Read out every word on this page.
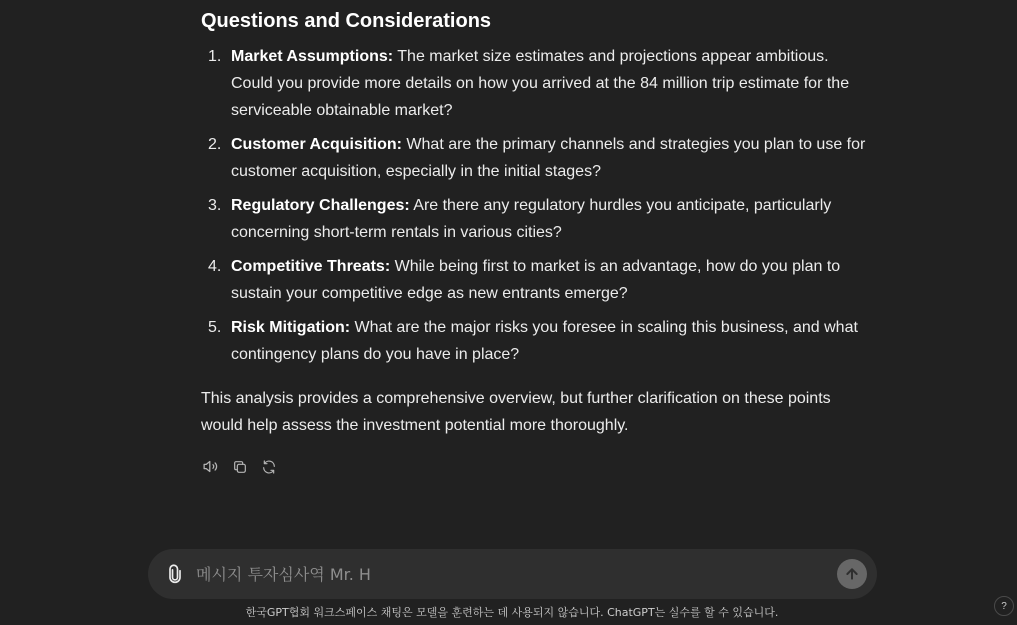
Questions and Considerations
1. Market Assumptions: The market size estimates and projections appear ambitious. Could you provide more details on how you arrived at the 84 million trip estimate for the serviceable obtainable market?
2. Customer Acquisition: What are the primary channels and strategies you plan to use for customer acquisition, especially in the initial stages?
3. Regulatory Challenges: Are there any regulatory hurdles you anticipate, particularly concerning short-term rentals in various cities?
4. Competitive Threats: While being first to market is an advantage, how do you plan to sustain your competitive edge as new entrants emerge?
5. Risk Mitigation: What are the major risks you foresee in scaling this business, and what contingency plans do you have in place?

This analysis provides a comprehensive overview, but further clarification on these points would help assess the investment potential more thoroughly.

메시지 투자심사역 Mr. H
한국GPT협회 워크스페이스 채팅은 모델을 훈련하는 데 사용되지 않습니다. ChatGPT는 실수를 할 수 있습니다.	?
